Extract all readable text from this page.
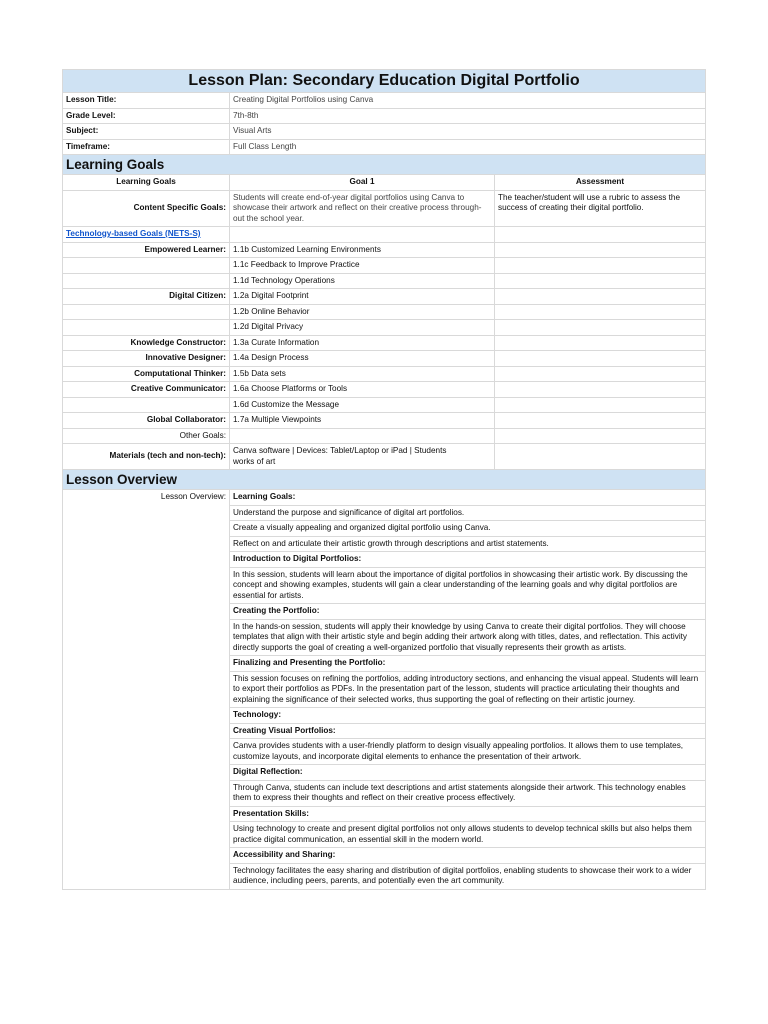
Lesson Plan: Secondary Education Digital Portfolio		
Lesson Title:	Creating Digital Portfolios using Canva	
Grade Level:	7th-8th	
Subject:	Visual Arts	
Timeframe:	Full Class Length	
Learning Goals		
Learning Goals	Goal 1	Assessment
Content Specific Goals:	Students will create end-of-year digital portfolios using Canva to showcase their artwork and reflect on their creative process through-out the school year.	The teacher/student will use a rubric to assess the success of creating their digital portfolio.
Technology-based Goals (NETS-S)		
Empowered Learner:	1.1b Customized Learning Environments	
	1.1c Feedback to Improve Practice	
	1.1d Technology Operations	
Digital Citizen:	1.2a Digital Footprint	
	1.2b Online Behavior	
	1.2d Digital Privacy	
Knowledge Constructor:	1.3a Curate Information	
Innovative Designer:	1.4a Design Process	
Computational Thinker:	1.5b Data sets	
Creative Communicator:	1.6a Choose Platforms or Tools	
	1.6d Customize the Message	
Global Collaborator:	1.7a Multiple Viewpoints	
Other Goals:		
Materials (tech and non-tech):	Canva software | Devices: Tablet/Laptop or iPad | Students works of art	
Lesson Overview		
Lesson Overview:	Learning Goals:	
	Understand the purpose and significance of digital art portfolios.	
	Create a visually appealing and organized digital portfolio using Canva.	
	Reflect on and articulate their artistic growth through descriptions and artist statements.	
	Introduction to Digital Portfolios:	
	In this session, students will learn about the importance of digital portfolios in showcasing their artistic work. By discussing the concept and showing examples, students will gain a clear understanding of the learning goals and why digital portfolios are essential for artists.	
	Creating the Portfolio:	
	In the hands-on session, students will apply their knowledge by using Canva to create their digital portfolios. They will choose templates that align with their artistic style and begin adding their artwork along with titles, dates, and reflectation. This activity directly supports the goal of creating a well-organized portfolio that visually represents their growth as artists.	
	Finalizing and Presenting the Portfolio:	
	This session focuses on refining the portfolios, adding introductory sections, and enhancing the visual appeal. Students will learn to export their portfolios as PDFs. In the presentation part of the lesson, students will practice articulating their thoughts and explaining the significance of their selected works, thus supporting the goal of reflecting on their artistic journey.	
	Technology:	
	Creating Visual Portfolios:	
	Canva provides students with a user-friendly platform to design visually appealing portfolios. It allows them to use templates, customize layouts, and incorporate digital elements to enhance the presentation of their artwork.	
	Digital Reflection:	
	Through Canva, students can include text descriptions and artist statements alongside their artwork. This technology enables them to express their thoughts and reflect on their creative process effectively.	
	Presentation Skills:	
	Using technology to create and present digital portfolios not only allows students to develop technical skills but also helps them practice digital communication, an essential skill in the modern world.	
	Accessibility and Sharing:	
	Technology facilitates the easy sharing and distribution of digital portfolios, enabling students to showcase their work to a wider audience, including peers, parents, and potentially even the art community.	
